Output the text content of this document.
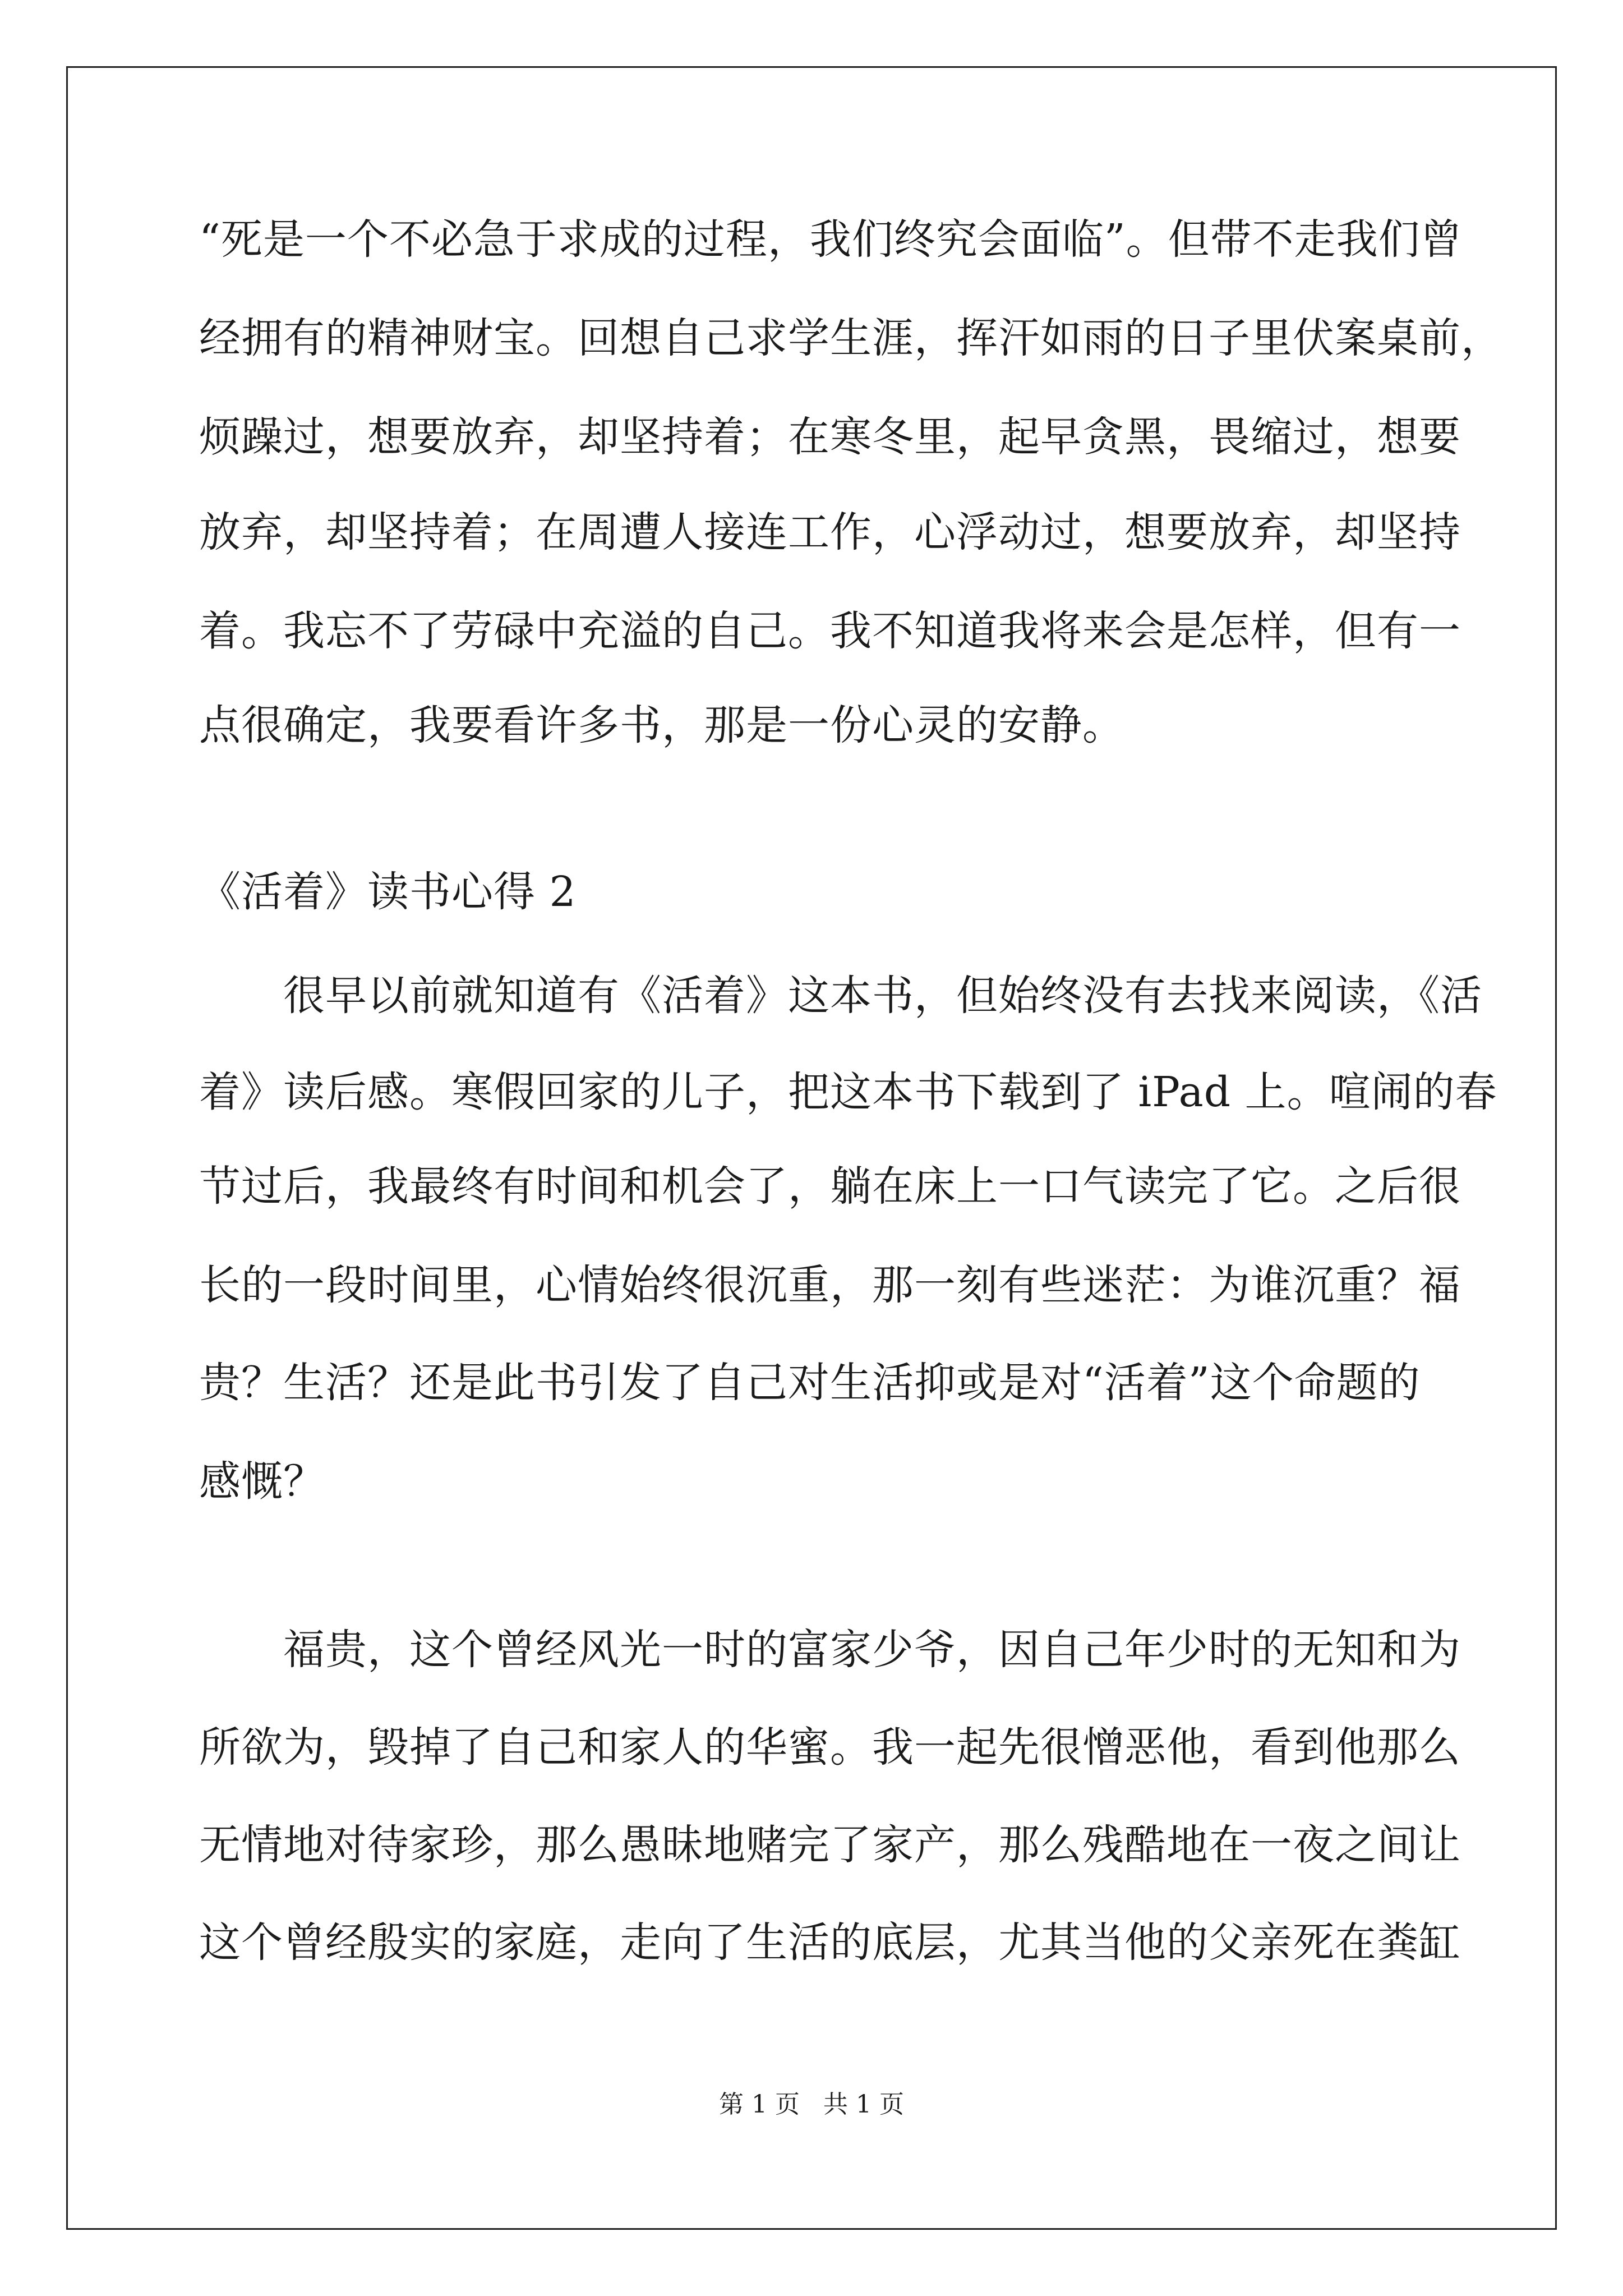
“死是一个不必急于求成的过程，我们终究会面临”。但带不走我们曾
经拥有的精神财宝。回想自己求学生涯，挥汗如雨的日子里伏案桌前，
烦躁过，想要放弃，却坚持着；在寒冬里，起早贪黑，畏缩过，想要
放弃，却坚持着；在周遭人接连工作，心浮动过，想要放弃，却坚持
着。我忘不了劳碌中充溢的自己。我不知道我将来会是怎样，但有一
点很确定，我要看许多书，那是一份心灵的安静。
《活着》读书心得 2
很早以前就知道有《活着》这本书，但始终没有去找来阅读，《活
着》读后感。寒假回家的儿子，把这本书下载到了 iPad 上。喧闹的春
节过后，我最终有时间和机会了，躺在床上一口气读完了它。之后很
长的一段时间里，心情始终很沉重，那一刻有些迷茫：为谁沉重？福
贵？生活？还是此书引发了自己对生活抑或是对“活着”这个命题的
感慨？
福贵，这个曾经风光一时的富家少爷，因自己年少时的无知和为
所欲为，毁掉了自己和家人的华蜜。我一起先很憎恶他，看到他那么
无情地对待家珍，那么愚昧地赌完了家产，那么残酷地在一夜之间让
这个曾经殷实的家庭，走向了生活的底层，尤其当他的父亲死在粪缸
第 1 页   共 1 页
